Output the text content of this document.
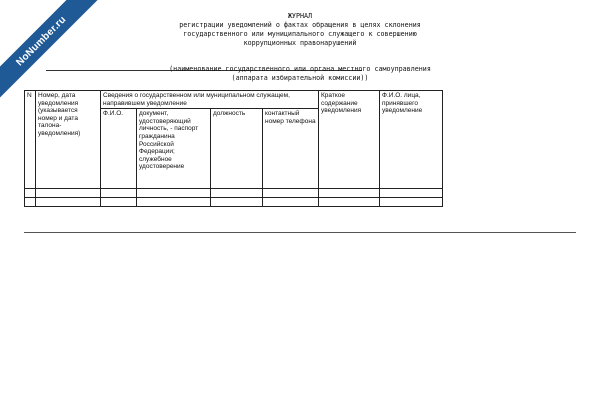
NoNumber.ru	ЖУРНАЛ
регистрации уведомлений о фактах обращения в целях склонения
государственного или муниципального служащего к совершению
коррупционных правонарушений
(наименование государственного или органа местного самоуправления
(аппарата избирательной комиссии))
N	Номер, дата уведомления (указывается номер и дата талона-уведомления)	Сведения о государственном или муниципальном служащем, направившем уведомление				Краткое содержание уведомления	Ф.И.О. лица, принявшего уведомление
		Ф.И.О.	документ, удостоверяющий личность, - паспорт гражданина Российской Федерации; служебное удостоверение	должность	контактный номер телефона		
